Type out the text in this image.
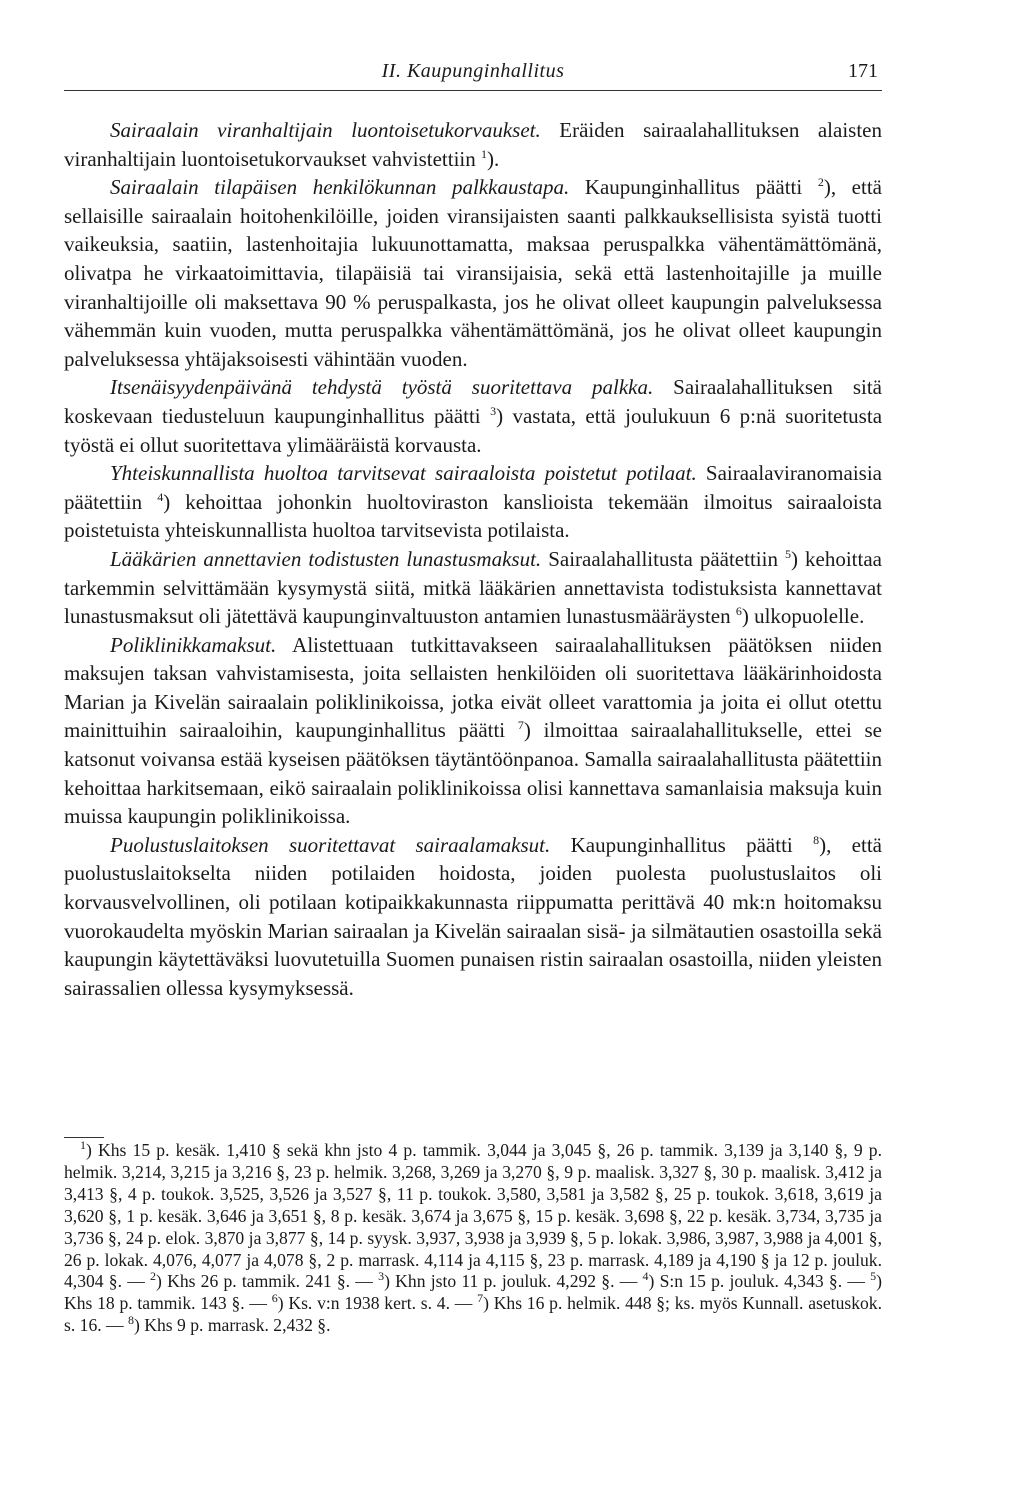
II. Kaupunginhallitus	171

Sairaalain viranhaltijain luontoisetukorvaukset. Eräiden sairaalahallituksen alaisten viranhaltijain luontoisetukorvaukset vahvistettiin $^1$).

Sairaalain tilapäisen henkilökunnan palkkaustapa. Kaupunginhallitus päätti $^2$), että sellaisille sairaalain hoitohenkilöille, joiden viransijaisten saanti palkkauksellisista syistä tuotti vaikeuksia, saatiin, lastenhoitajia lukuunottamatta, maksaa peruspalkka vähentämättömänä, olivatpa he virkaatoimittavia, tilapäisiä tai viransijaisia, sekä että lastenhoitajille ja muille viranhaltijoille oli maksettava 90 % peruspalkasta, jos he olivat olleet kaupungin palveluksessa vähemmän kuin vuoden, mutta peruspalkka vähentämättömänä, jos he olivat olleet kaupungin palveluksessa yhtäjaksoisesti vähintään vuoden.

Itsenäisyydenpäivänä tehdystä työstä suoritettava palkka. Sairaalahallituksen sitä koskevaan tiedusteluun kaupunginhallitus päätti $^3$) vastata, että joulukuun 6 p:nä suoritetusta työstä ei ollut suoritettava ylimääräistä korvausta.

Yhteiskunnallista huoltoa tarvitsevat sairaaloista poistetut potilaat. Sairaalaviranomaisia päätettiin $^4$) kehoittaa johonkin huoltoviraston kanslioista tekemään ilmoitus sairaaloista poistetuista yhteiskunnallista huoltoa tarvitsevista potilaista.

Lääkärien annettavien todistusten lunastusmaksut. Sairaalahallitusta päätettiin $^5$) kehoittaa tarkemmin selvittämään kysymystä siitä, mitkä lääkärien annettavista todistuksista kannettavat lunastusmaksut oli jätettävä kaupunginvaltuuston antamien lunastusmääräysten $^6$) ulkopuolelle.

Poliklinikkamaksut. Alistettuaan tutkittavakseen sairaalahallituksen päätöksen niiden maksujen taksan vahvistamisesta, joita sellaisten henkilöiden oli suoritettava lääkärinhoidosta Marian ja Kivelän sairaalain poliklinikoissa, jotka eivät olleet varattomia ja joita ei ollut otettu mainittuihin sairaaloihin, kaupunginhallitus päätti $^7$) ilmoittaa sairaalahallitukselle, ettei se katsonut voivansa estää kyseisen päätöksen täytäntöönpanoa. Samalla sairaalahallitusta päätettiin kehoittaa harkitsemaan, eikö sairaalain poliklinikoissa olisi kannettava samanlaisia maksuja kuin muissa kaupungin poliklinikoissa.

Puolustuslaitoksen suoritettavat sairaalamaksut. Kaupunginhallitus päätti $^8$), että puolustuslaitokselta niiden potilaiden hoidosta, joiden puolesta puolustuslaitos oli korvausvelvollinen, oli potilaan kotipaikkakunnasta riippumatta perittävä 40 mk:n hoitomaksu vuorokaudelta myöskin Marian sairaalan ja Kivelän sairaalan sisä- ja silmätautien osastoilla sekä kaupungin käytettäväksi luovutetuilla Suomen punaisen ristin sairaalan osastoilla, niiden yleisten sairassalien ollessa kysymyksessä.

$^1$) Khs 15 p. kesäk. 1,410 § sekä khn jsto 4 p. tammik. 3,044 ja 3,045 §, 26 p. tammik. 3,139 ja 3,140 §, 9 p. helmik. 3,214, 3,215 ja 3,216 §, 23 p. helmik. 3,268, 3,269 ja 3,270 §, 9 p. maalisk. 3,327 §, 30 p. maalisk. 3,412 ja 3,413 §, 4 p. toukok. 3,525, 3,526 ja 3,527 §, 11 p. toukok. 3,580, 3,581 ja 3,582 §, 25 p. toukok. 3,618, 3,619 ja 3,620 §, 1 p. kesäk. 3,646 ja 3,651 §, 8 p. kesäk. 3,674 ja 3,675 §, 15 p. kesäk. 3,698 §, 22 p. kesäk. 3,734, 3,735 ja 3,736 §, 24 p. elok. 3,870 ja 3,877 §, 14 p. syysk. 3,937, 3,938 ja 3,939 §, 5 p. lokak. 3,986, 3,987, 3,988 ja 4,001 §, 26 p. lokak. 4,076, 4,077 ja 4,078 §, 2 p. marrask. 4,114 ja 4,115 §, 23 p. marrask. 4,189 ja 4,190 § ja 12 p. jouluk. 4,304 §. — $^2$) Khs 26 p. tammik. 241 §. — $^3$) Khn jsto 11 p. jouluk. 4,292 §. — $^4$) S:n 15 p. jouluk. 4,343 §. — $^5$) Khs 18 p. tammik. 143 §. — $^6$) Ks. v:n 1938 kert. s. 4. — $^7$) Khs 16 p. helmik. 448 §; ks. myös Kunnall. asetuskok. s. 16. — $^8$) Khs 9 p. marrask. 2,432 §.
